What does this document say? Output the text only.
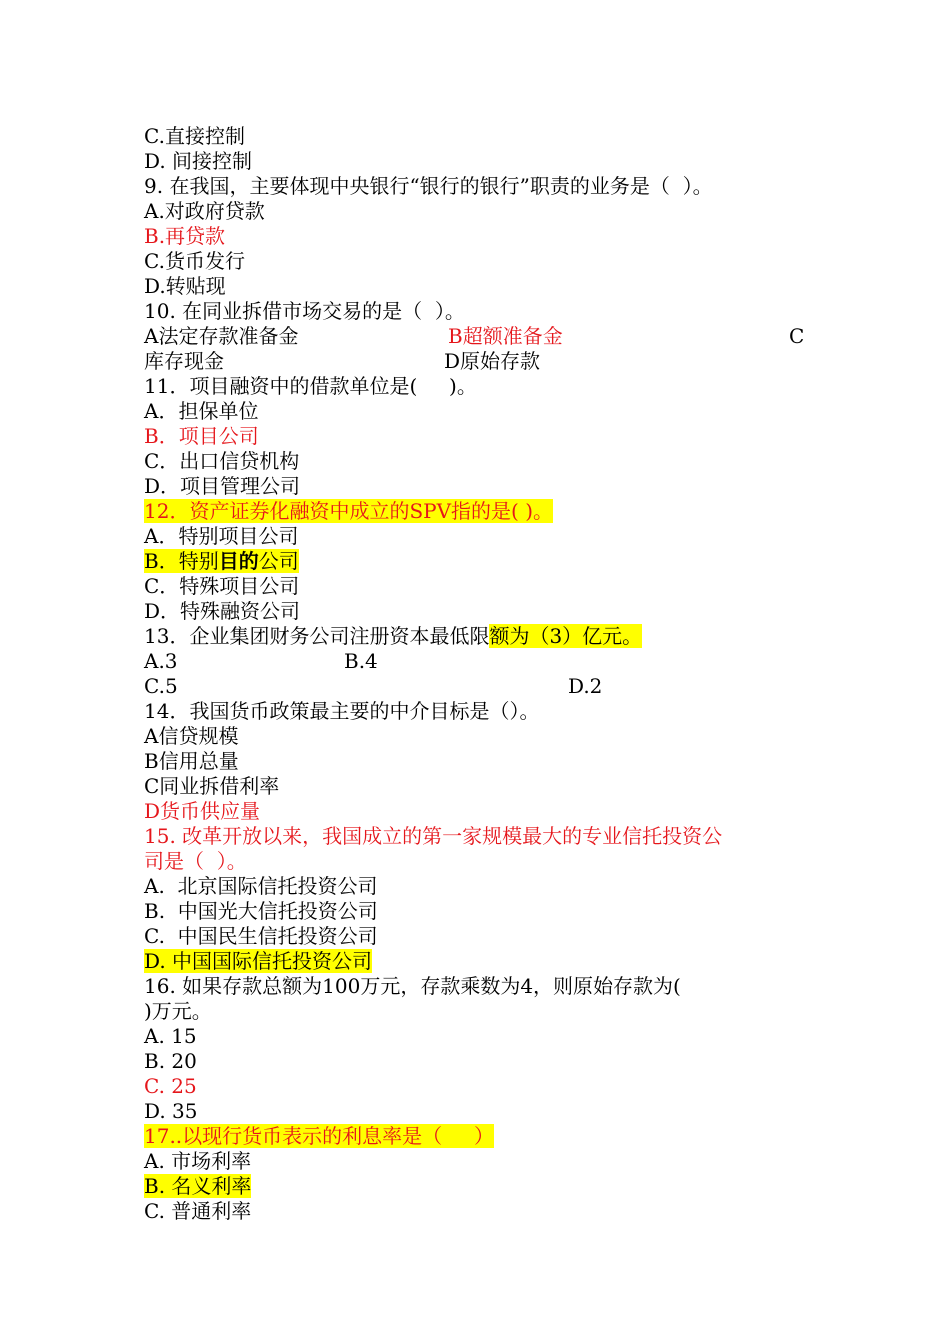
C.直接控制
D. 间接控制
9. 在我国，主要体现中央银行“银行的银行”职责的业务是（  ）。
A.对政府贷款
B.再贷款
C.货币发行
D.转贴现
10. 在同业拆借市场交易的是（  ）。
A法定存款准备金	B超额准备金	C
库存现金	D原始存款
11．项目融资中的借款单位是(     )。
A．担保单位
B．项目公司
C．出口信贷机构
D．项目管理公司
12．资产证券化融资中成立的SPV指的是( )。
A．特别项目公司
B．特别目的公司
C．特殊项目公司
D．特殊融资公司
13．企业集团财务公司注册资本最低限额为（3）亿元。
A.3	B.4
C.5	D.2
14．我国货币政策最主要的中介目标是（）。
A信贷规模
B信用总量
C同业拆借利率
D货币供应量
15. 改革开放以来，我国成立的第一家规模最大的专业信托投资公
司是（  ）。
A.  北京国际信托投资公司
B.  中国光大信托投资公司
C.  中国民生信托投资公司
D. 中国国际信托投资公司
16. 如果存款总额为100万元，存款乘数为4，则原始存款为(
)万元。
A. 15
B. 20
C. 25
D. 35
17..以现行货币表示的利息率是（     ）
A. 市场利率
B. 名义利率
C. 普通利率
